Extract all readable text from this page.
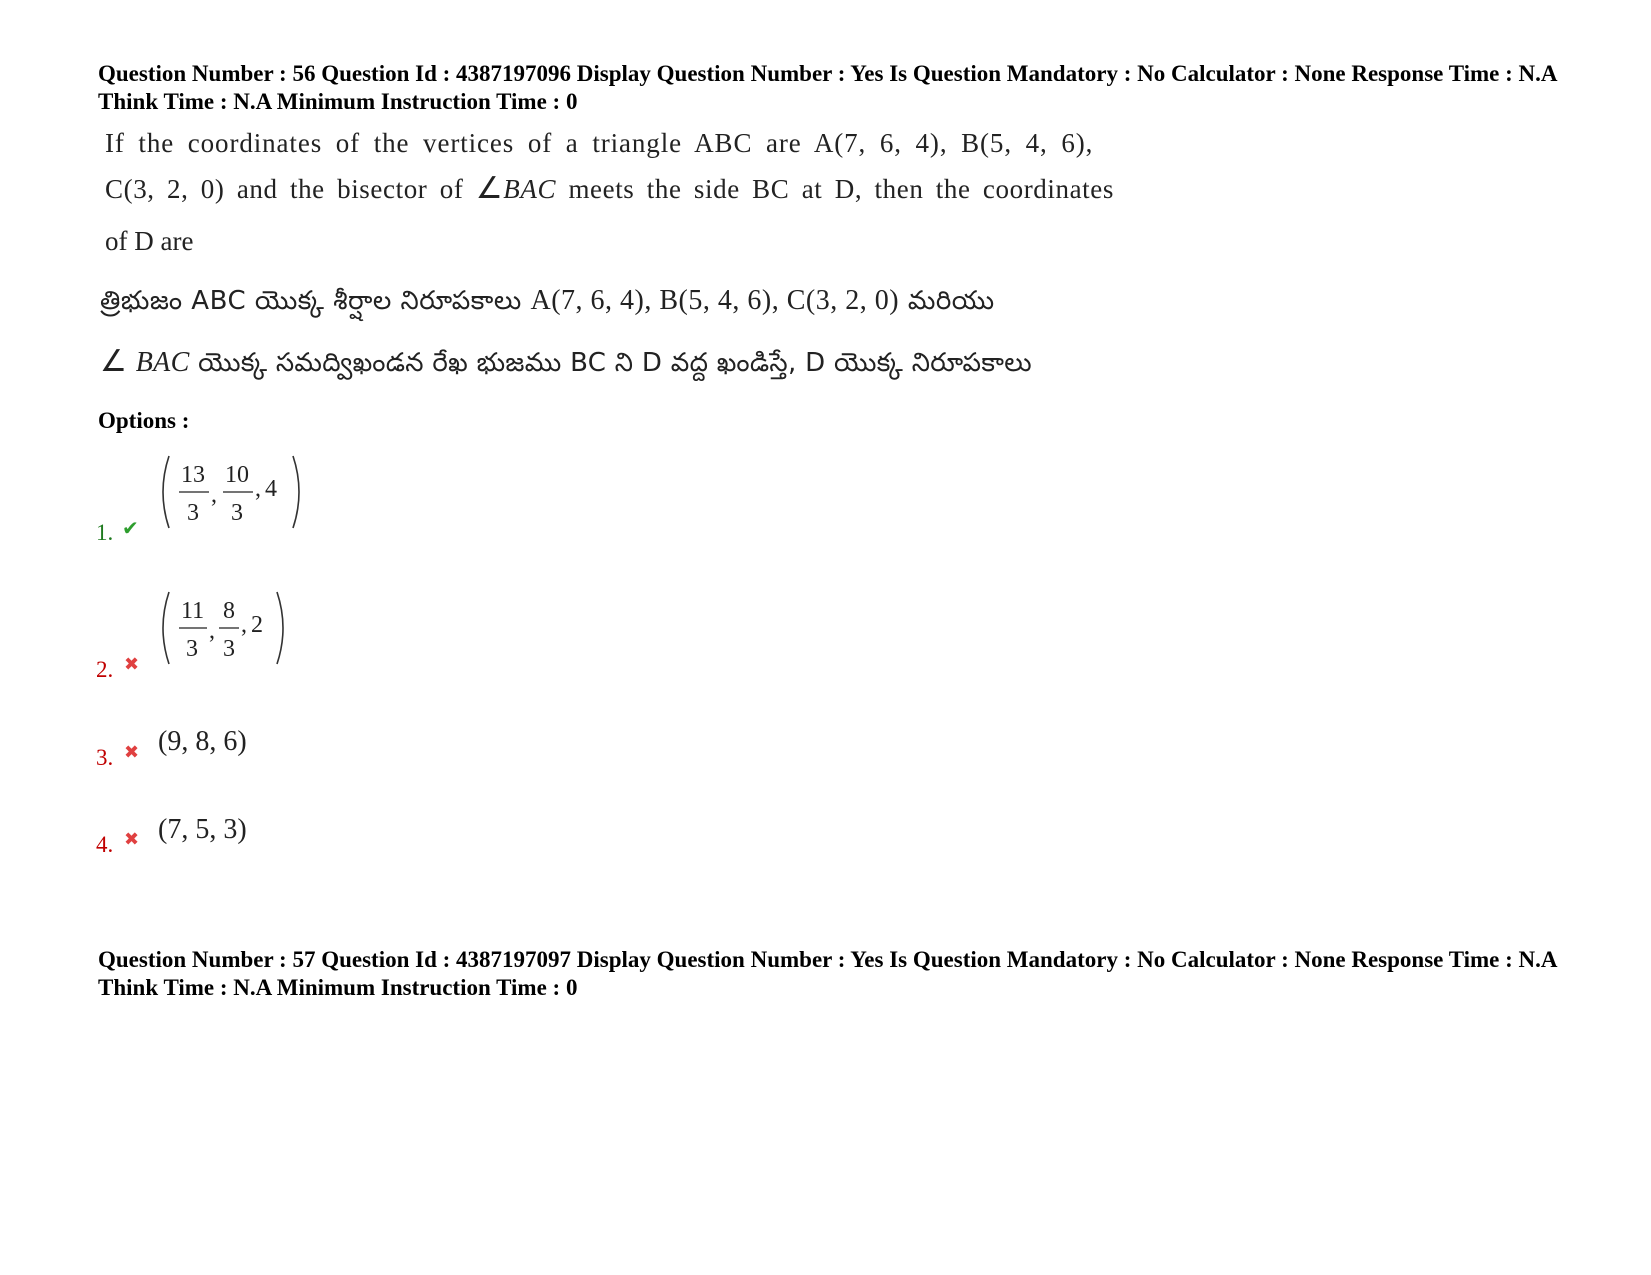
Question Number : 56 Question Id : 4387197096 Display Question Number : Yes Is Question Mandatory : No Calculator : None Response Time : N.A Think Time : N.A Minimum Instruction Time : 0
If the coordinates of the vertices of a triangle ABC are A(7, 6, 4), B(5, 4, 6),
C(3, 2, 0) and the bisector of ∠BAC meets the side BC at D, then the coordinates
of D are
త్రిభుజం ABC యొక్క శీర్షాల నిరూపకాలు A(7, 6, 4), B(5, 4, 6), C(3, 2, 0) మరియు
∠ BAC యొక్క సమద్విఖండన రేఖ భుజము BC ని D వద్ద ఖండిస్తే, D యొక్క నిరూపకాలు
Options :
1. ✔
13
3
,
10
3
, 4
2. ✖
11
3
,
8
3
, 2
3. ✖ (9, 8, 6)
4. ✖ (7, 5, 3)
Question Number : 57 Question Id : 4387197097 Display Question Number : Yes Is Question Mandatory : No Calculator : None Response Time : N.A Think Time : N.A Minimum Instruction Time : 0
